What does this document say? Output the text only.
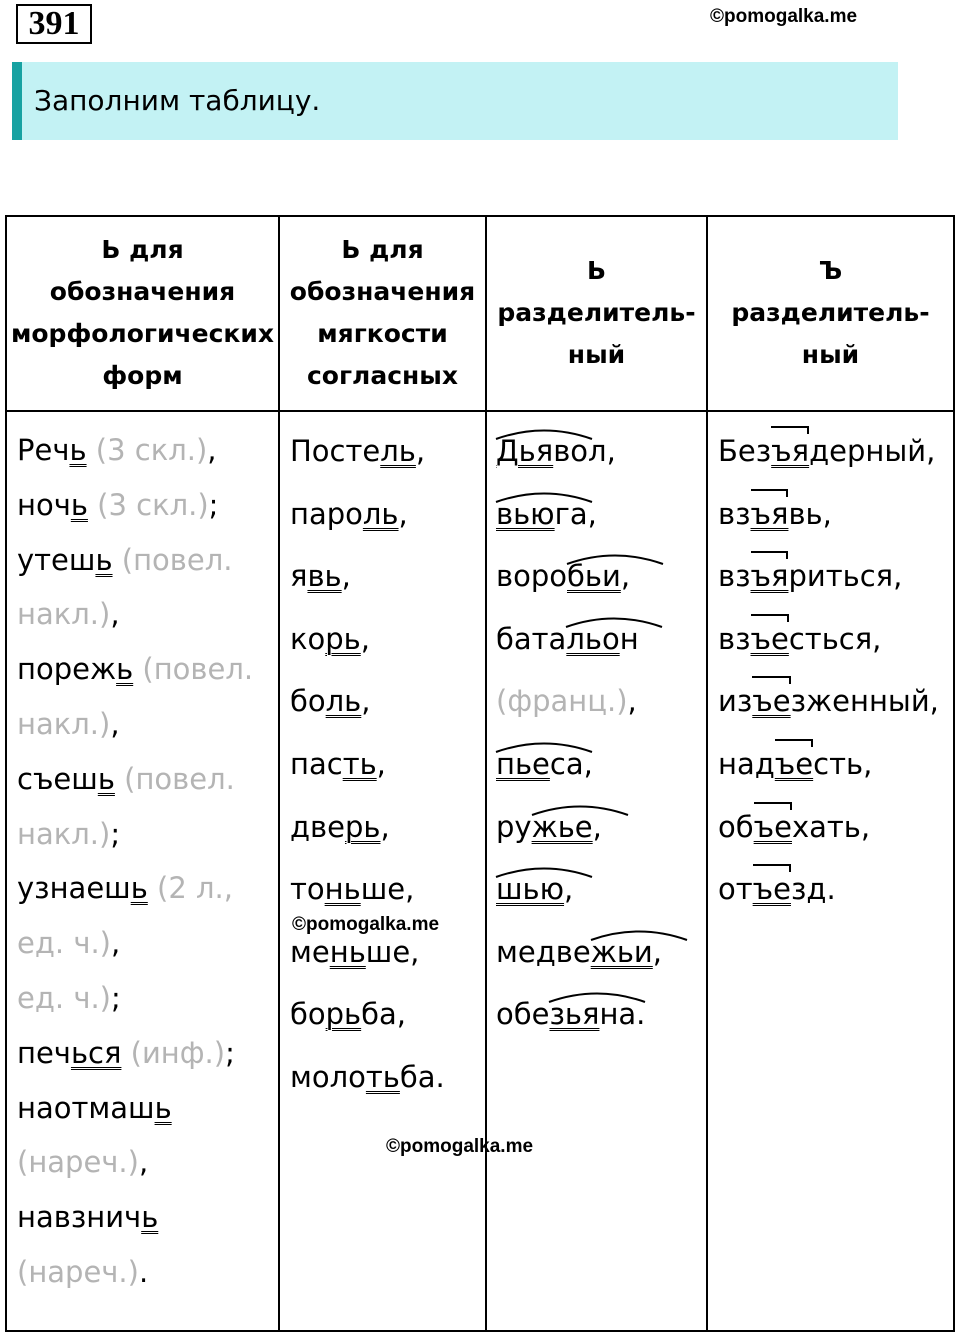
391	©pomogalka.me
Заполним таблицу.
Ь для
обозначения
морфологических
форм
Ь для
обозначения
мягкости
согласных
Ь
разделитель-
ный
Ъ
разделитель-
ный
Речь (3 скл.),
ночь (3 скл.);
утешь (повел.
накл.),
порежь (повел.
накл.),
съешь (повел.
накл.);
узнаешь (2 л.,
ед. ч.),
ед. ч.);
печься (инф.);
наотмашь
(нареч.),
навзничь
(нареч.).
Постель,
пароль,
явь,
корь,
боль,
пасть,
дверь,
тоньше,
меньше,
борьба,
молотьба.
Дья
вол,
вью
га,
воробьи
,
батальо
н
(франц.),
пье
са,
ружье
,
шью
,
медвежьи
,
обезья
на.
Безъя
дерный,
взъя
вь,
взъя
риться,
взъе
сться,
изъе
зженный,
надъе
сть,
объе
хать,
отъе
зд.
©pomogalka.me
©pomogalka.me
